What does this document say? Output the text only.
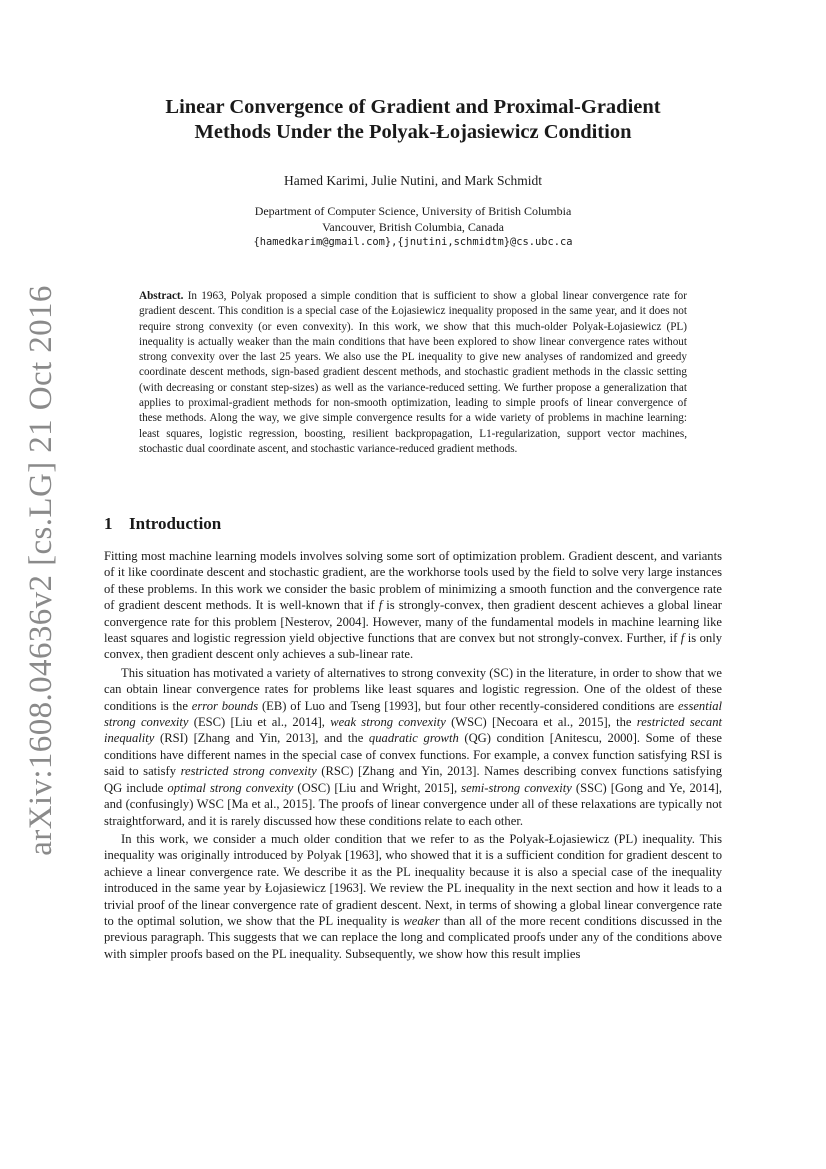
arXiv:1608.04636v2 [cs.LG] 21 Oct 2016
Linear Convergence of Gradient and Proximal-Gradient
Methods Under the Polyak-Łojasiewicz Condition
Hamed Karimi, Julie Nutini, and Mark Schmidt
Department of Computer Science, University of British Columbia
Vancouver, British Columbia, Canada
{hamedkarim@gmail.com},{jnutini,schmidtm}@cs.ubc.ca

Abstract. In 1963, Polyak proposed a simple condition that is sufficient to show a global linear convergence rate for gradient descent. This condition is a special case of the Łojasiewicz inequality proposed in the same year, and it does not require strong convexity (or even convexity). In this work, we show that this much-older Polyak-Łojasiewicz (PL) inequality is actually weaker than the main conditions that have been explored to show linear convergence rates without strong convexity over the last 25 years. We also use the PL inequality to give new analyses of randomized and greedy coordinate descent methods, sign-based gradient descent methods, and stochastic gradient methods in the classic setting (with decreasing or constant step-sizes) as well as the variance-reduced setting. We further propose a generalization that applies to proximal-gradient methods for non-smooth optimization, leading to simple proofs of linear convergence of these methods. Along the way, we give simple convergence results for a wide variety of problems in machine learning: least squares, logistic regression, boosting, resilient backpropagation, L1-regularization, support vector machines, stochastic dual coordinate ascent, and stochastic variance-reduced gradient methods.

1 Introduction

Fitting most machine learning models involves solving some sort of optimization problem. Gradient descent, and variants of it like coordinate descent and stochastic gradient, are the workhorse tools used by the field to solve very large instances of these problems. In this work we consider the basic problem of minimizing a smooth function and the convergence rate of gradient descent methods. It is well-known that if f is strongly-convex, then gradient descent achieves a global linear convergence rate for this problem [Nesterov, 2004]. However, many of the fundamental models in machine learning like least squares and logistic regression yield objective functions that are convex but not strongly-convex. Further, if f is only convex, then gradient descent only achieves a sub-linear rate.

This situation has motivated a variety of alternatives to strong convexity (SC) in the literature, in order to show that we can obtain linear convergence rates for problems like least squares and logistic regression. One of the oldest of these conditions is the error bounds (EB) of Luo and Tseng [1993], but four other recently-considered conditions are essential strong convexity (ESC) [Liu et al., 2014], weak strong convexity (WSC) [Necoara et al., 2015], the restricted secant inequality (RSI) [Zhang and Yin, 2013], and the quadratic growth (QG) condition [Anitescu, 2000]. Some of these conditions have different names in the special case of convex functions. For example, a convex function satisfying RSI is said to satisfy restricted strong convexity (RSC) [Zhang and Yin, 2013]. Names describing convex functions satisfying QG include optimal strong convexity (OSC) [Liu and Wright, 2015], semi-strong convexity (SSC) [Gong and Ye, 2014], and (confusingly) WSC [Ma et al., 2015]. The proofs of linear convergence under all of these relaxations are typically not straightforward, and it is rarely discussed how these conditions relate to each other.

In this work, we consider a much older condition that we refer to as the Polyak-Łojasiewicz (PL) inequality. This inequality was originally introduced by Polyak [1963], who showed that it is a sufficient condition for gradient descent to achieve a linear convergence rate. We describe it as the PL inequality because it is also a special case of the inequality introduced in the same year by Łojasiewicz [1963]. We review the PL inequality in the next section and how it leads to a trivial proof of the linear convergence rate of gradient descent. Next, in terms of showing a global linear convergence rate to the optimal solution, we show that the PL inequality is weaker than all of the more recent conditions discussed in the previous paragraph. This suggests that we can replace the long and complicated proofs under any of the conditions above with simpler proofs based on the PL inequality. Subsequently, we show how this result implies
